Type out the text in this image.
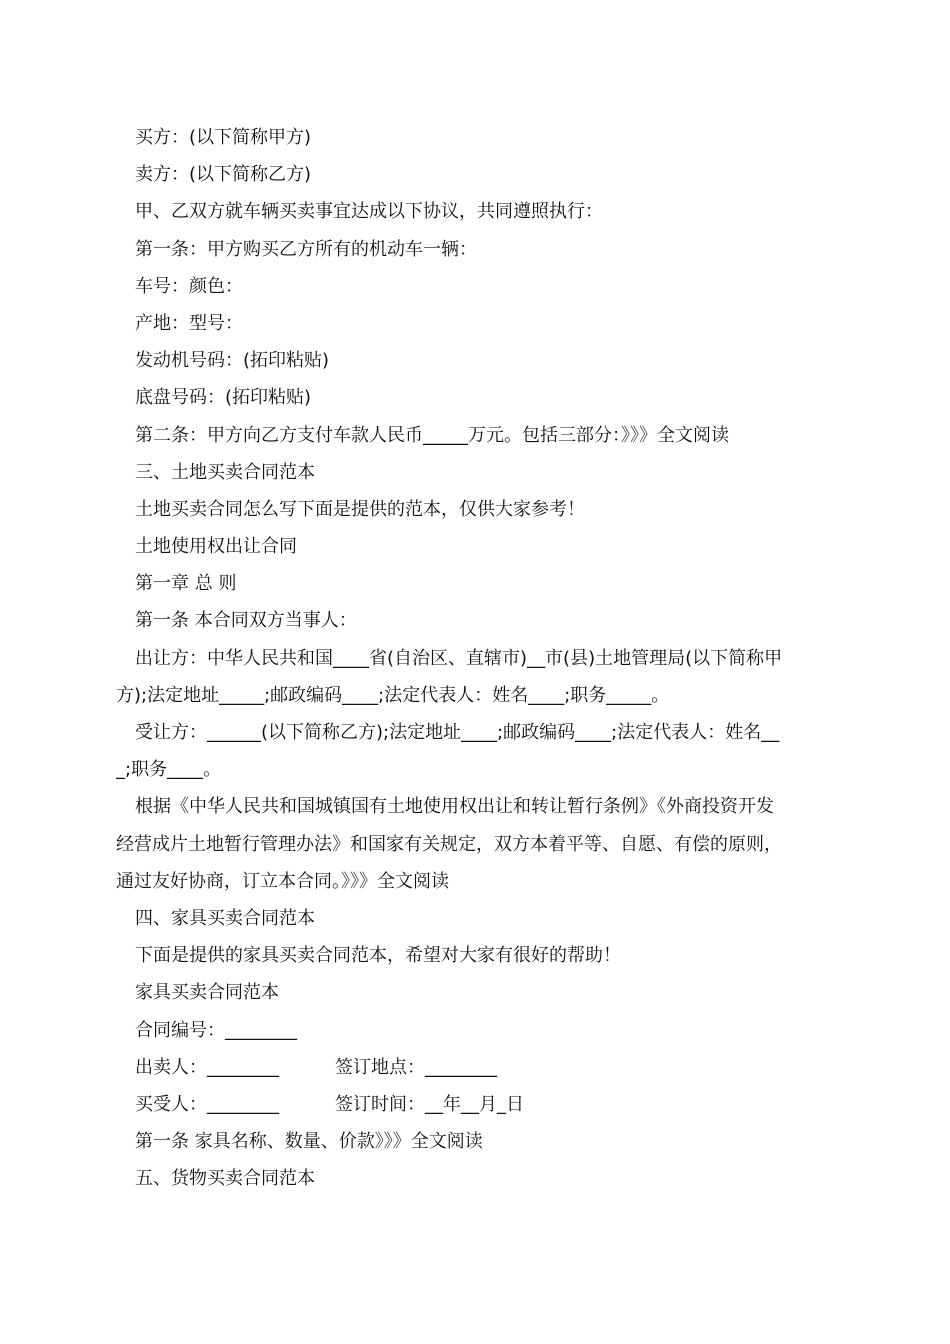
买方：(以下简称甲方)
卖方：(以下简称乙方)
甲、乙双方就车辆买卖事宜达成以下协议，共同遵照执行：
第一条：甲方购买乙方所有的机动车一辆：
车号：颜色：
产地：型号：
发动机号码：(拓印粘贴)
底盘号码：(拓印粘贴)
第二条：甲方向乙方支付车款人民币_____万元。包括三部分：》》》全文阅读
三、土地买卖合同范本
土地买卖合同怎么写下面是提供的范本，仅供大家参考！
土地使用权出让合同
第一章 总 则
第一条 本合同双方当事人：
出让方：中华人民共和国____省(自治区、直辖市)__市(县)土地管理局(以下简称甲
方);法定地址_____;邮政编码____;法定代表人：姓名____;职务_____。
受让方：______(以下简称乙方);法定地址____;邮政编码____;法定代表人：姓名__
_;职务____。
根据《中华人民共和国城镇国有土地使用权出让和转让暂行条例》《外商投资开发
经营成片土地暂行管理办法》和国家有关规定，双方本着平等、自愿、有偿的原则，
通过友好协商，订立本合同。》》》全文阅读
四、家具买卖合同范本
下面是提供的家具买卖合同范本，希望对大家有很好的帮助！
家具买卖合同范本
合同编号：________
出卖人：________	签订地点：________
买受人：________	签订时间：__年__月_日
第一条 家具名称、数量、价款》》》全文阅读
五、货物买卖合同范本
